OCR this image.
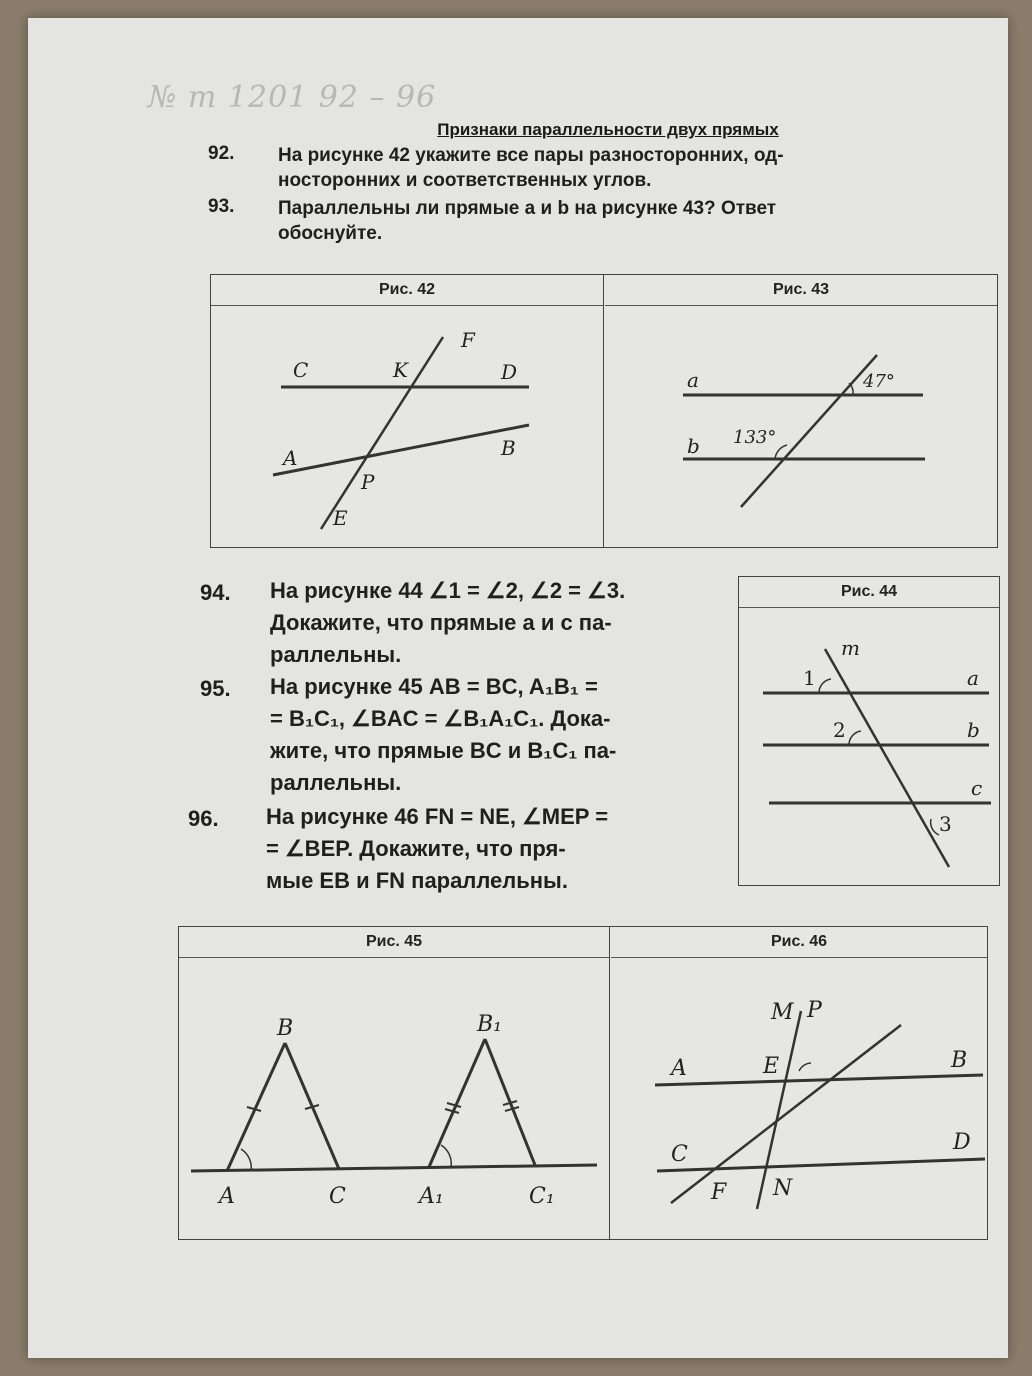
№ m 1201 92 – 96
Признаки параллельности двух прямых
92. На рисунке 42 укажите все пары разносторонних, од-
носторонних и соответственных углов.
93. Параллельны ли прямые a и b на рисунке 43? Ответ
обоснуйте.
Рис. 42	Рис. 43
C	K
F
D
A	B
P
E
a
b
47°
133°
94. На рисунке 44 ∠1 = ∠2, ∠2 = ∠3.
Докажите, что прямые a и c па-
раллельны.
95. На рисунке 45 AB = BC, A₁B₁ =
= B₁C₁, ∠BAC = ∠B₁A₁C₁. Дока-
жите, что прямые BC и B₁C₁ па-
раллельны.
96. На рисунке 46 FN = NE, ∠MEP =
= ∠BEP. Докажите, что пря-
мые EB и FN параллельны.
Рис. 44
m
a
b
c
1
2
3
Рис. 45	Рис. 46
B	B₁
A	C	A₁	C₁
M P
A	E	B
C	D
F N
